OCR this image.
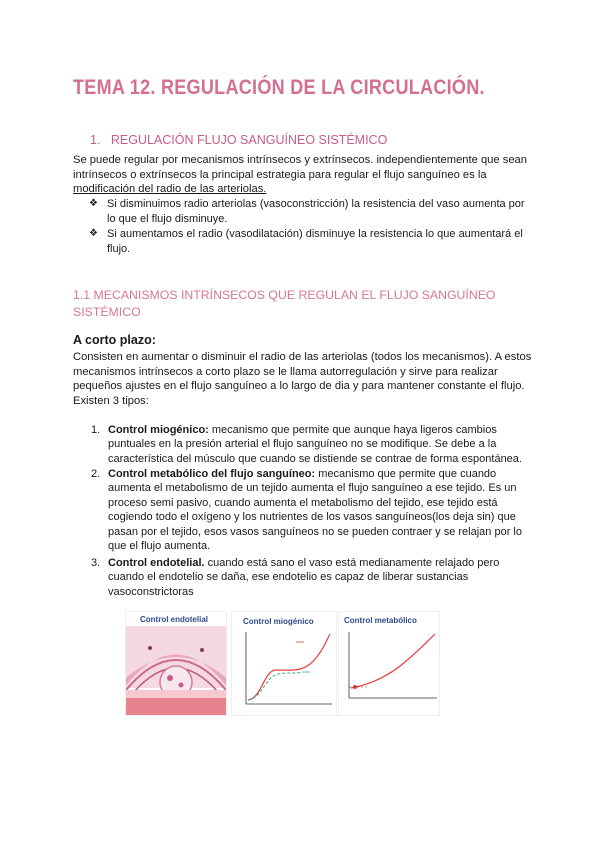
TEMA 12. REGULACIÓN DE LA CIRCULACIÓN.
1. REGULACIÓN FLUJO SANGUÍNEO SISTÉMICO

Se puede regular por mecanismos intrínsecos y extrínsecos. independientemente que sean intrínsecos o extrínsecos la principal estrategia para regular el flujo sanguíneo es la modificación del radio de las arteriolas.

❖ Si disminuimos radio arteriolas (vasoconstricción) la resistencia del vaso aumenta por lo que el flujo disminuye.
❖ Si aumentamos el radio (vasodilatación) disminuye la resistencia lo que aumentará el flujo.
1.1 MECANISMOS INTRÍNSECOS QUE REGULAN EL FLUJO SANGUÍNEO SISTÉMICO
A corto plazo:

Consisten en aumentar o disminuir el radio de las arteriolas (todos los mecanismos). A estos mecanismos intrínsecos a corto plazo se le llama autorregulación y sirve para realizar pequeños ajustes en el flujo sanguíneo a lo largo de dia y para mantener constante el flujo. Existen 3 tipos:

1. Control miogénico: mecanismo que permite que aunque haya ligeros cambios puntuales en la presión arterial el flujo sanguíneo no se modifique. Se debe a la característica del músculo que cuando se distiende se contrae de forma espontánea.
2. Control metabólico del flujo sanguíneo: mecanismo que permite que cuando aumenta el metabolismo de un tejido aumenta el flujo sanguíneo a ese tejido. Es un proceso semi pasivo, cuando aumenta el metabolismo del tejido, ese tejido está cogiendo todo el oxígeno y los nutrientes de los vasos sanguíneos(los deja sin) que pasan por el tejido, esos vasos sanguíneos no se pueden contraer y se relajan por lo que el flujo aumenta.
3. Control endotelial. cuando está sano el vaso está medianamente relajado pero cuando el endotelio se daña, ese endotelio es capaz de liberar sustancias vasoconstrictoras
Control endotelial	Control miogénico	Control metabólico
